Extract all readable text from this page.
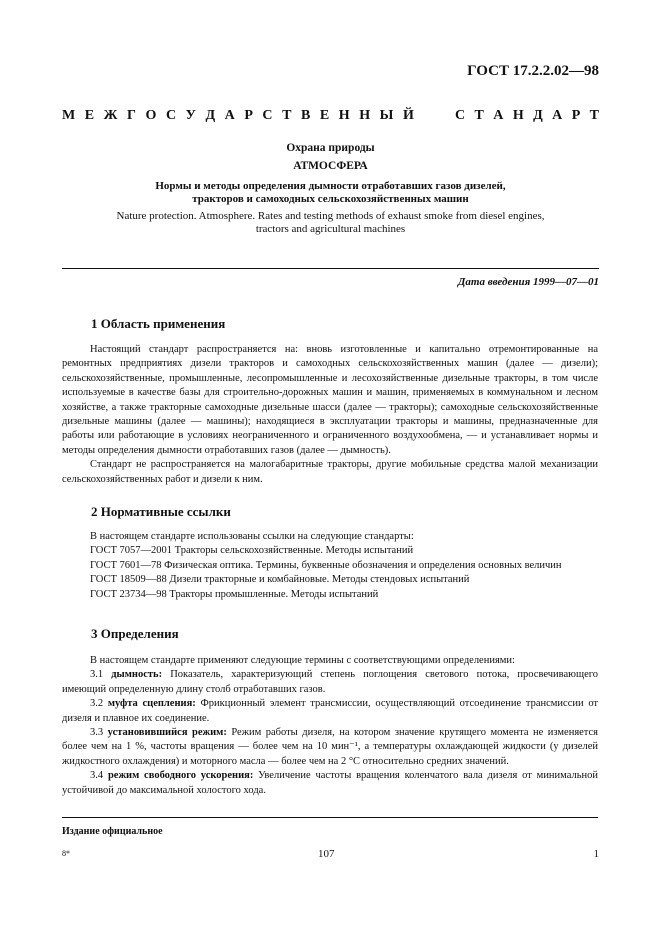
ГОСТ 17.2.2.02—98
М Е Ж Г О С У Д А Р С Т В Е Н Н Ы Й	С Т А Н Д А Р Т
Охрана природы
АТМОСФЕРА
Нормы и методы определения дымности отработавших газов дизелей,
тракторов и самоходных сельскохозяйственных машин
Nature protection. Atmosphere. Rates and testing methods of exhaust smoke from diesel engines,
tractors and agricultural machines
Дата введения 1999—07—01
1 Область применения

Настоящий стандарт распространяется на: вновь изготовленные и капитально отремонтированные на ремонтных предприятиях дизели тракторов и самоходных сельскохозяйственных машин (далее — дизели); сельскохозяйственные, промышленные, лесопромышленные и лесохозяйственные дизельные тракторы, в том числе используемые в качестве базы для строительно-дорожных машин и машин, применяемых в коммунальном и лесном хозяйстве, а также тракторные самоходные дизельные шасси (далее — тракторы); самоходные сельскохозяйственные дизельные машины (далее — машины); находящиеся в эксплуатации тракторы и машины, предназначенные для работы или работающие в условиях неограниченного и ограниченного воздухообмена, — и устанавливает нормы и методы определения дымности отработавших газов (далее — дымность).

Стандарт не распространяется на малогабаритные тракторы, другие мобильные средства малой механизации сельскохозяйственных работ и дизели к ним.

2 Нормативные ссылки

В настоящем стандарте использованы ссылки на следующие стандарты:

ГОСТ 7057—2001 Тракторы сельскохозяйственные. Методы испытаний

ГОСТ 7601—78 Физическая оптика. Термины, буквенные обозначения и определения основных величин

ГОСТ 18509—88 Дизели тракторные и комбайновые. Методы стендовых испытаний

ГОСТ 23734—98 Тракторы промышленные. Методы испытаний

3 Определения

В настоящем стандарте применяют следующие термины с соответствующими определениями:

3.1 дымность: Показатель, характеризующий степень поглощения светового потока, просвечивающего имеющий определенную длину столб отработавших газов.

3.2 муфта сцепления: Фрикционный элемент трансмиссии, осуществляющий отсоединение трансмиссии от дизеля и плавное их соединение.

3.3 установившийся режим: Режим работы дизеля, на котором значение крутящего момента не изменяется более чем на 1 %, частоты вращения — более чем на 10 мин⁻¹, а температуры охлаждающей жидкости (у дизелей жидкостного охлаждения) и моторного масла — более чем на 2 °C относительно средних значений.

3.4 режим свободного ускорения: Увеличение частоты вращения коленчатого вала дизеля от минимальной устойчивой до максимальной холостого хода.

Издание официальное
8*	107	1
